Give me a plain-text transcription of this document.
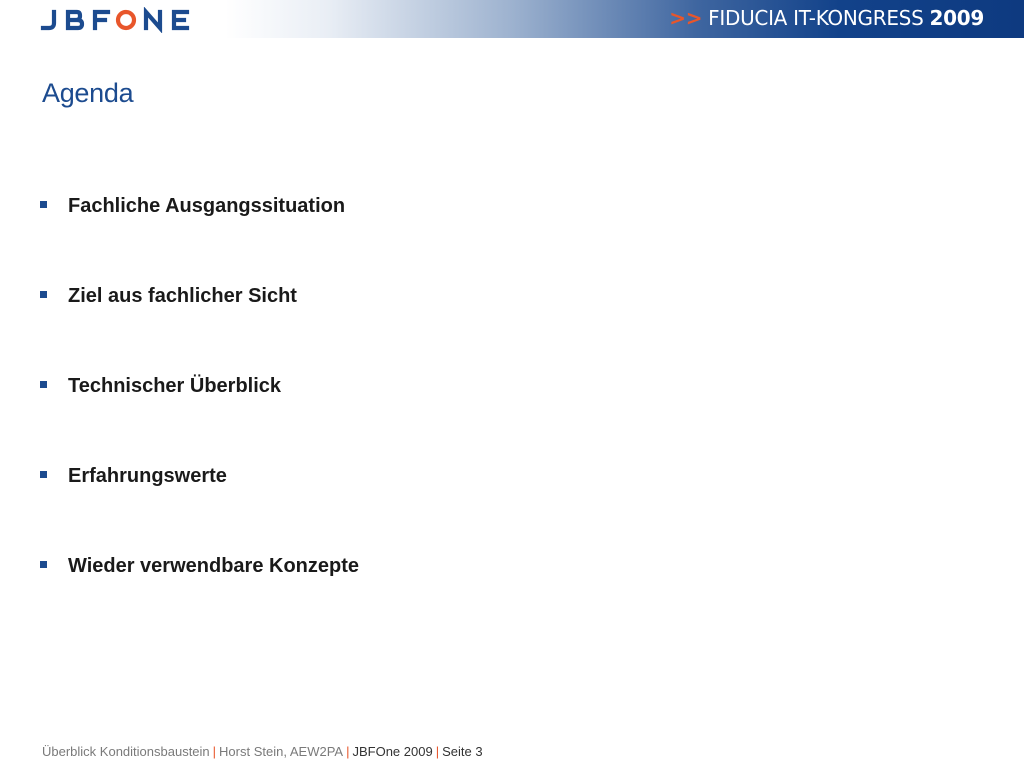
>> FIDUCIA IT-KONGRESS 2009
Agenda
Fachliche Ausgangssituation
Ziel aus fachlicher Sicht
Technischer Überblick
Erfahrungswerte
Wieder verwendbare Konzepte
Überblick Konditionsbaustein | Horst Stein, AEW2PA | JBFOne 2009 | Seite 3
